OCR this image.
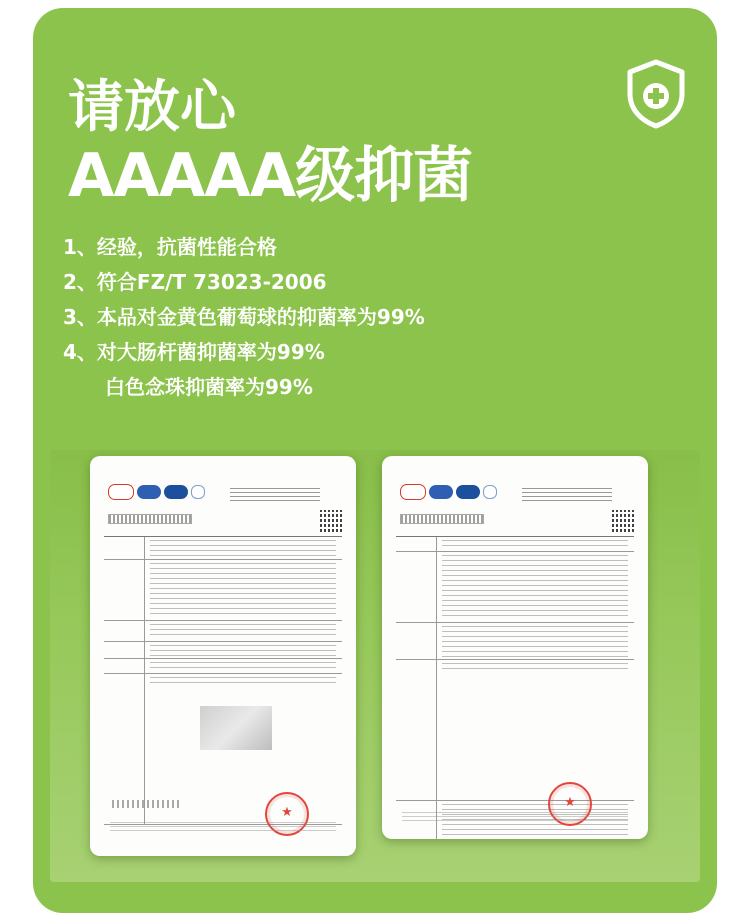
请放心
AAAAA级抑菌
1、经验，抗菌性能合格
2、符合FZ/T 73023-2006
3、本品对金黄色葡萄球的抑菌率为99%
4、对大肠杆菌抑菌率为99%
白色念珠抑菌率为99%
★
★
